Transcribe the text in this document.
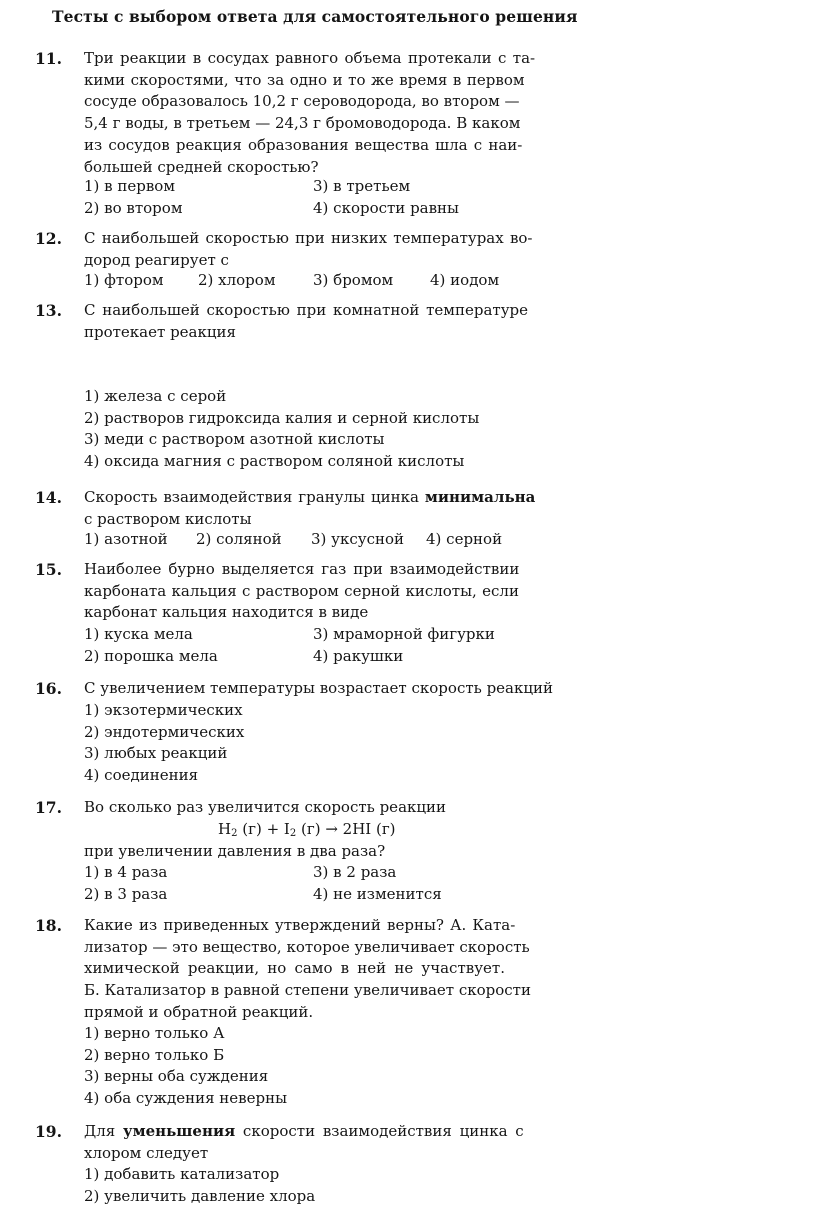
Тесты с выбором ответа для самостоятельного решения
11. Три реакции в сосудах равного объема протекали с та-
кими скоростями, что за одно и то же время в первом
сосуде образовалось 10,2 г сероводорода, во втором —
5,4 г воды, в третьем — 24,3 г бромоводорода. В каком
из сосудов реакция образования вещества шла с наи-
большей средней скоростью?
1) в первом	3) в третьем
2) во втором	4) скорости равны
12. С наибольшей скоростью при низких температурах во-
дород реагирует с
1) фтором 2) хлором	3) бромом 4) иодом
13. С наибольшей скоростью при комнатной температуре
протекает реакция
1) железа с серой
2) растворов гидроксида калия и серной кислоты
3) меди с раствором азотной кислоты
4) оксида магния с раствором соляной кислоты
14. Скорость взаимодействия гранулы цинка минимальна
с раствором кислоты
1) азотной 2) соляной 3) уксусной 4) серной
15. Наиболее бурно выделяется газ при взаимодействии
карбоната кальция с раствором серной кислоты, если
карбонат кальция находится в виде
1) куска мела	3) мраморной фигурки
2) порошка мела	4) ракушки
16. С увеличением температуры возрастает скорость реакций
1) экзотермических
2) эндотермических
3) любых реакций
4) соединения
17. Во сколько раз увеличится скорость реакции
$H_2$ $(г) + I_2$ (г) → 2HI (г)
при увеличении давления в два раза?
1) в 4 раза	3) в 2 раза
2) в 3 раза	4) не изменится
18. Какие из приведенных утверждений верны? А. Ката-
лизатор — это вещество, которое увеличивает скорость
химической реакции, но само в ней не участвует.
Б. Катализатор в равной степени увеличивает скорости
прямой и обратной реакций.
1) верно только А
2) верно только Б
3) верны оба суждения
4) оба суждения неверны
19. Для уменьшения скорости взаимодействия цинка с
хлором следует
1) добавить катализатор
2) увеличить давление хлора
